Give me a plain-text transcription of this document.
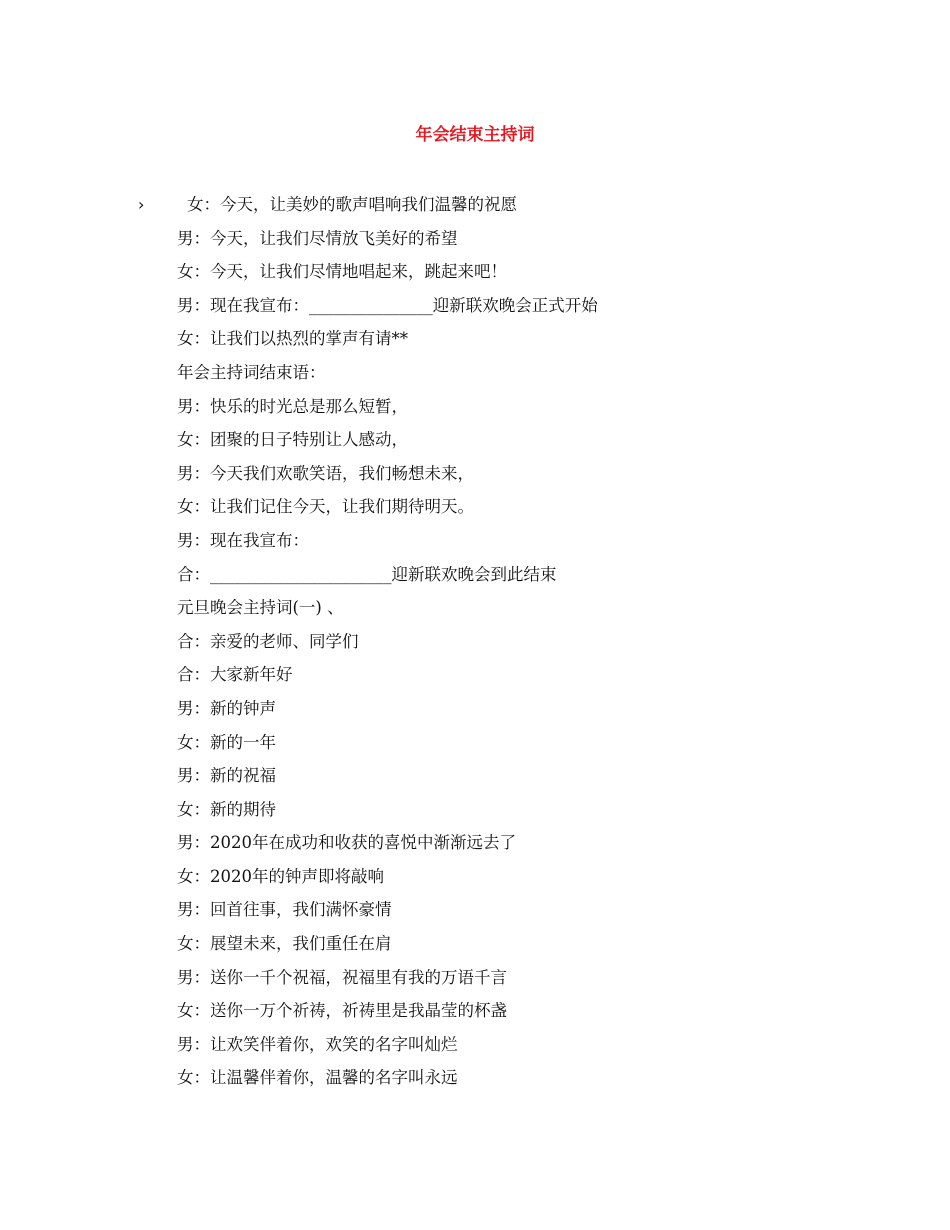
年会结束主持词
›	女：今天，让美妙的歌声唱响我们温馨的祝愿
男：今天，让我们尽情放飞美好的希望
女：今天，让我们尽情地唱起来，跳起来吧！
男：现在我宣布：_______________迎新联欢晚会正式开始
女：让我们以热烈的掌声有请**
年会主持词结束语：
男：快乐的时光总是那么短暂，
女：团聚的日子特别让人感动，
男：今天我们欢歌笑语，我们畅想未来，
女：让我们记住今天，让我们期待明天。
男：现在我宣布：
合：______________________迎新联欢晚会到此结束
元旦晚会主持词(一) 、
合：亲爱的老师、同学们
合：大家新年好
男：新的钟声
女：新的一年
男：新的祝福
女：新的期待
男：2020年在成功和收获的喜悦中渐渐远去了
女：2020年的钟声即将敲响
男：回首往事，我们满怀豪情
女：展望未来，我们重任在肩
男：送你一千个祝福，祝福里有我的万语千言
女：送你一万个祈祷，祈祷里是我晶莹的杯盏
男：让欢笑伴着你，欢笑的名字叫灿烂
女：让温馨伴着你，温馨的名字叫永远
